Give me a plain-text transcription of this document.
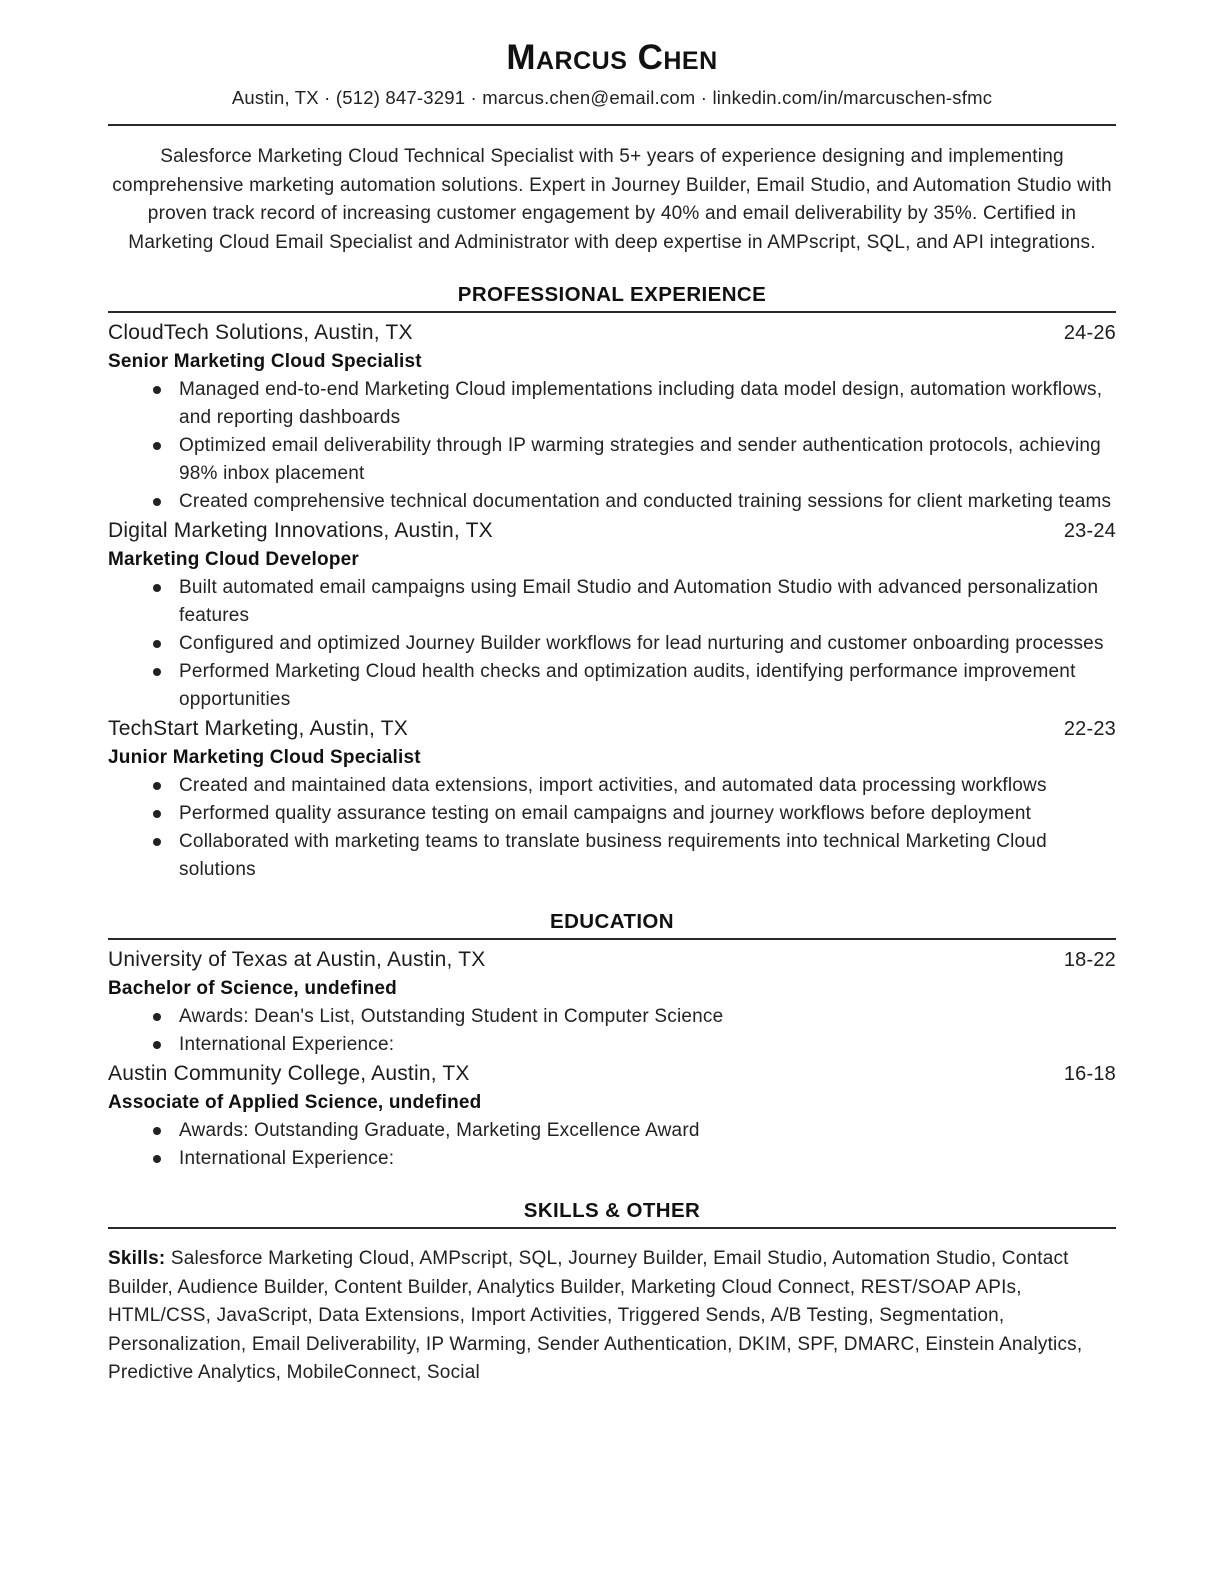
Marcus Chen
Austin, TX · (512) 847-3291 · marcus.chen@email.com · linkedin.com/in/marcuschen-sfmc

Salesforce Marketing Cloud Technical Specialist with 5+ years of experience designing and implementing comprehensive marketing automation solutions. Expert in Journey Builder, Email Studio, and Automation Studio with proven track record of increasing customer engagement by 40% and email deliverability by 35%. Certified in Marketing Cloud Email Specialist and Administrator with deep expertise in AMPscript, SQL, and API integrations.

PROFESSIONAL EXPERIENCE
CloudTech Solutions, Austin, TX	24-26
Senior Marketing Cloud Specialist
Managed end-to-end Marketing Cloud implementations including data model design, automation workflows, and reporting dashboards
Optimized email deliverability through IP warming strategies and sender authentication protocols, achieving 98% inbox placement
Created comprehensive technical documentation and conducted training sessions for client marketing teams
Digital Marketing Innovations, Austin, TX	23-24
Marketing Cloud Developer
Built automated email campaigns using Email Studio and Automation Studio with advanced personalization features
Configured and optimized Journey Builder workflows for lead nurturing and customer onboarding processes
Performed Marketing Cloud health checks and optimization audits, identifying performance improvement opportunities
TechStart Marketing, Austin, TX	22-23
Junior Marketing Cloud Specialist
Created and maintained data extensions, import activities, and automated data processing workflows
Performed quality assurance testing on email campaigns and journey workflows before deployment
Collaborated with marketing teams to translate business requirements into technical Marketing Cloud solutions
EDUCATION
University of Texas at Austin, Austin, TX	18-22
Bachelor of Science, undefined
Awards: Dean's List, Outstanding Student in Computer Science
International Experience:
Austin Community College, Austin, TX	16-18
Associate of Applied Science, undefined
Awards: Outstanding Graduate, Marketing Excellence Award
International Experience:
SKILLS & OTHER

Skills: Salesforce Marketing Cloud, AMPscript, SQL, Journey Builder, Email Studio, Automation Studio, Contact Builder, Audience Builder, Content Builder, Analytics Builder, Marketing Cloud Connect, REST/SOAP APIs, HTML/CSS, JavaScript, Data Extensions, Import Activities, Triggered Sends, A/B Testing, Segmentation, Personalization, Email Deliverability, IP Warming, Sender Authentication, DKIM, SPF, DMARC, Einstein Analytics, Predictive Analytics, MobileConnect, Social
